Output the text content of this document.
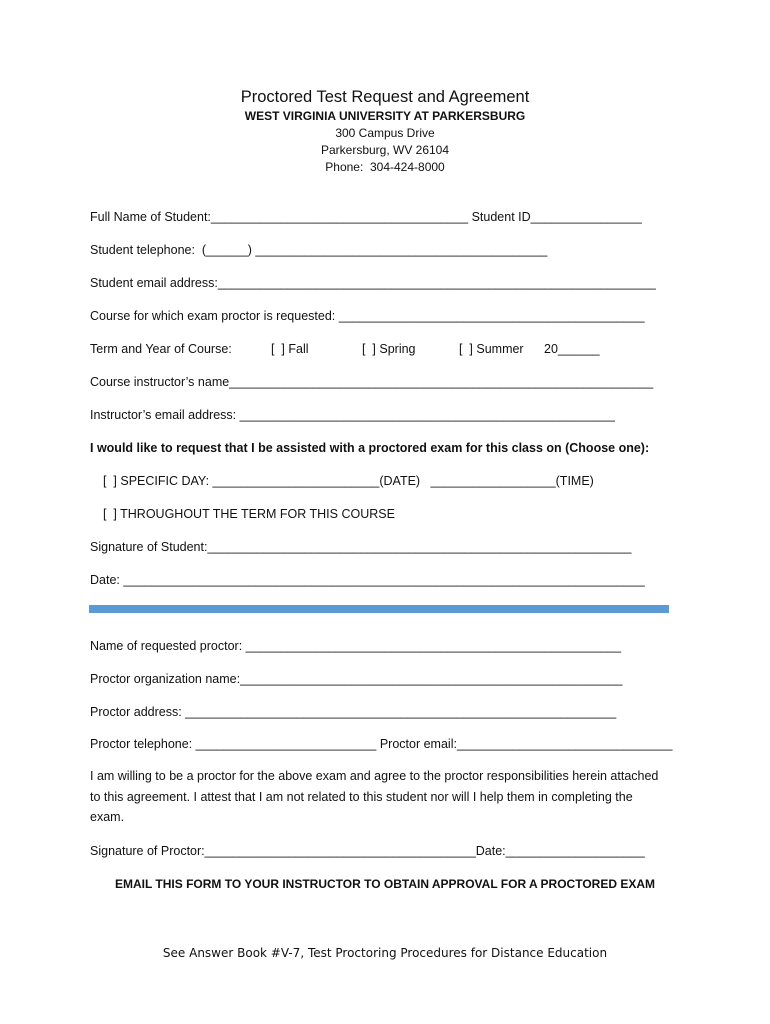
Proctored Test Request and Agreement
WEST VIRGINIA UNIVERSITY AT PARKERSBURG
300 Campus Drive
Parkersburg, WV 26104
Phone:  304-424-8000
Full Name of Student:_____________________________________ Student ID________________
Student telephone:  (______) __________________________________________
Student email address:_______________________________________________________________
Course for which exam proctor is requested: ____________________________________________
Term and Year of Course:	[  ] Fall	[  ] Spring	[  ] Summer 20______
Course instructor’s name_____________________________________________________________
Instructor’s email address: ______________________________________________________
I would like to request that I be assisted with a proctored exam for this class on (Choose one):
[  ] SPECIFIC DAY: ________________________(DATE)   __________________(TIME)
[  ] THROUGHOUT THE TERM FOR THIS COURSE
Signature of Student:_____________________________________________________________
Date: ___________________________________________________________________________
Name of requested proctor: ______________________________________________________
Proctor organization name:_______________________________________________________
Proctor address: ______________________________________________________________
Proctor telephone: __________________________ Proctor email:_______________________________
I am willing to be a proctor for the above exam and agree to the proctor responsibilities herein attached
to this agreement. I attest that I am not related to this student nor will I help them in completing the
exam.
Signature of Proctor:_______________________________________Date:____________________
EMAIL THIS FORM TO YOUR INSTRUCTOR TO OBTAIN APPROVAL FOR A PROCTORED EXAM
See Answer Book #V-7, Test Proctoring Procedures for Distance Education
